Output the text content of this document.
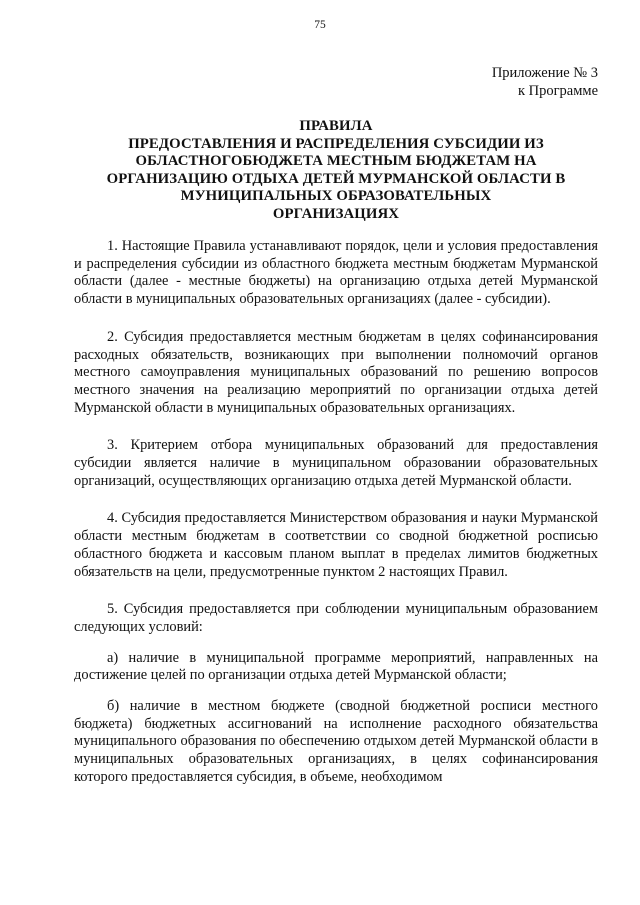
75
Приложение № 3
к Программе
ПРАВИЛА
ПРЕДОСТАВЛЕНИЯ И РАСПРЕДЕЛЕНИЯ СУБСИДИИ ИЗ
ОБЛАСТНОГОБЮДЖЕТА МЕСТНЫМ БЮДЖЕТАМ НА
ОРГАНИЗАЦИЮ ОТДЫХА ДЕТЕЙ МУРМАНСКОЙ ОБЛАСТИ В
МУНИЦИПАЛЬНЫХ ОБРАЗОВАТЕЛЬНЫХ
ОРГАНИЗАЦИЯХ

1. Настоящие Правила устанавливают порядок, цели и условия предоставления и распределения субсидии из областного бюджета местным бюджетам Мурманской области (далее - местные бюджеты) на организацию отдыха детей Мурманской области в муниципальных образовательных организациях (далее - субсидии).

2. Субсидия предоставляется местным бюджетам в целях софинансирования расходных обязательств, возникающих при выполнении полномочий органов местного самоуправления муниципальных образований по решению вопросов местного значения на реализацию мероприятий по организации отдыха детей Мурманской области в муниципальных образовательных организациях.

3. Критерием отбора муниципальных образований для предоставления субсидии является наличие в муниципальном образовании образовательных организаций, осуществляющих организацию отдыха детей Мурманской области.

4. Субсидия предоставляется Министерством образования и науки Мурманской области местным бюджетам в соответствии со сводной бюджетной росписью областного бюджета и кассовым планом выплат в пределах лимитов бюджетных обязательств на цели, предусмотренные пунктом 2 настоящих Правил.

5. Субсидия предоставляется при соблюдении муниципальным образованием следующих условий:

а) наличие в муниципальной программе мероприятий, направленных на достижение целей по организации отдыха детей Мурманской области;

б) наличие в местном бюджете (сводной бюджетной росписи местного бюджета) бюджетных ассигнований на исполнение расходного обязательства муниципального образования по обеспечению отдыхом детей Мурманской области в муниципальных образовательных организациях, в целях софинансирования которого предоставляется субсидия, в объеме, необходимом
